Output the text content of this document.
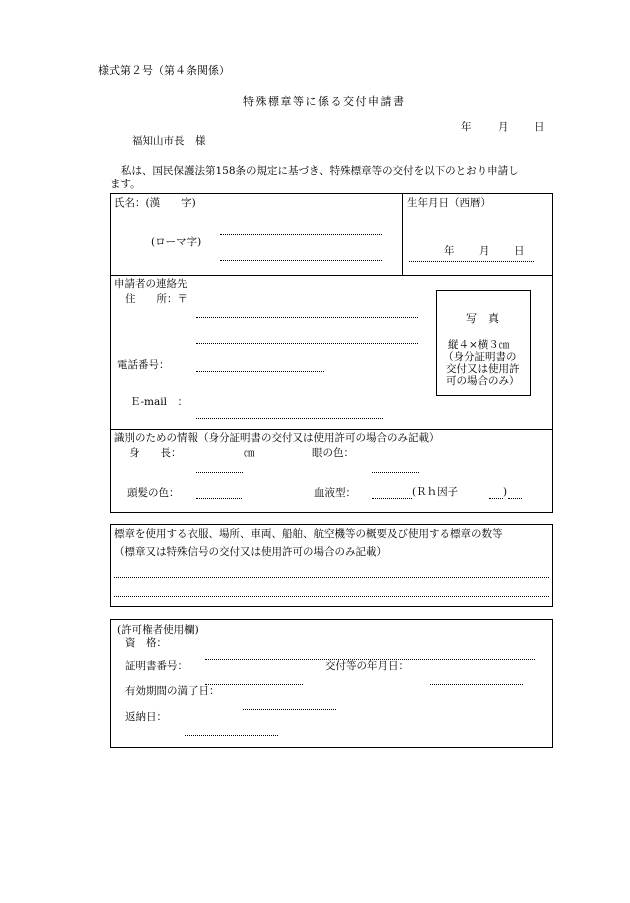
様式第２号（第４条関係）
特殊標章等に係る交付申請書
年	月 日
福知山市長　様
私は、国民保護法第158条の規定に基づき、特殊標章等の交付を以下のとおり申請し
ます。
氏名：(漢　　字)
(ローマ字)
生年月日（西暦）
年 月 日
申請者の連絡先
住　　所：〒
電話番号：
Ｅ-mail　：
写　真
縦４×横３㎝
（身分証明書の
交付又は使用許
可の場合のみ）
識別のための情報（身分証明書の交付又は使用許可の場合のみ記載）
身　　長：	㎝	眼の色：
頭髪の色：	血液型：	(Ｒｈ因子	)
標章を使用する衣服、場所、車両、船舶、航空機等の概要及び使用する標章の数等
（標章又は特殊信号の交付又は使用許可の場合のみ記載）
(許可権者使用欄)
資　格：
証明書番号：	交付等の年月日：
有効期間の満了日：
返納日：
